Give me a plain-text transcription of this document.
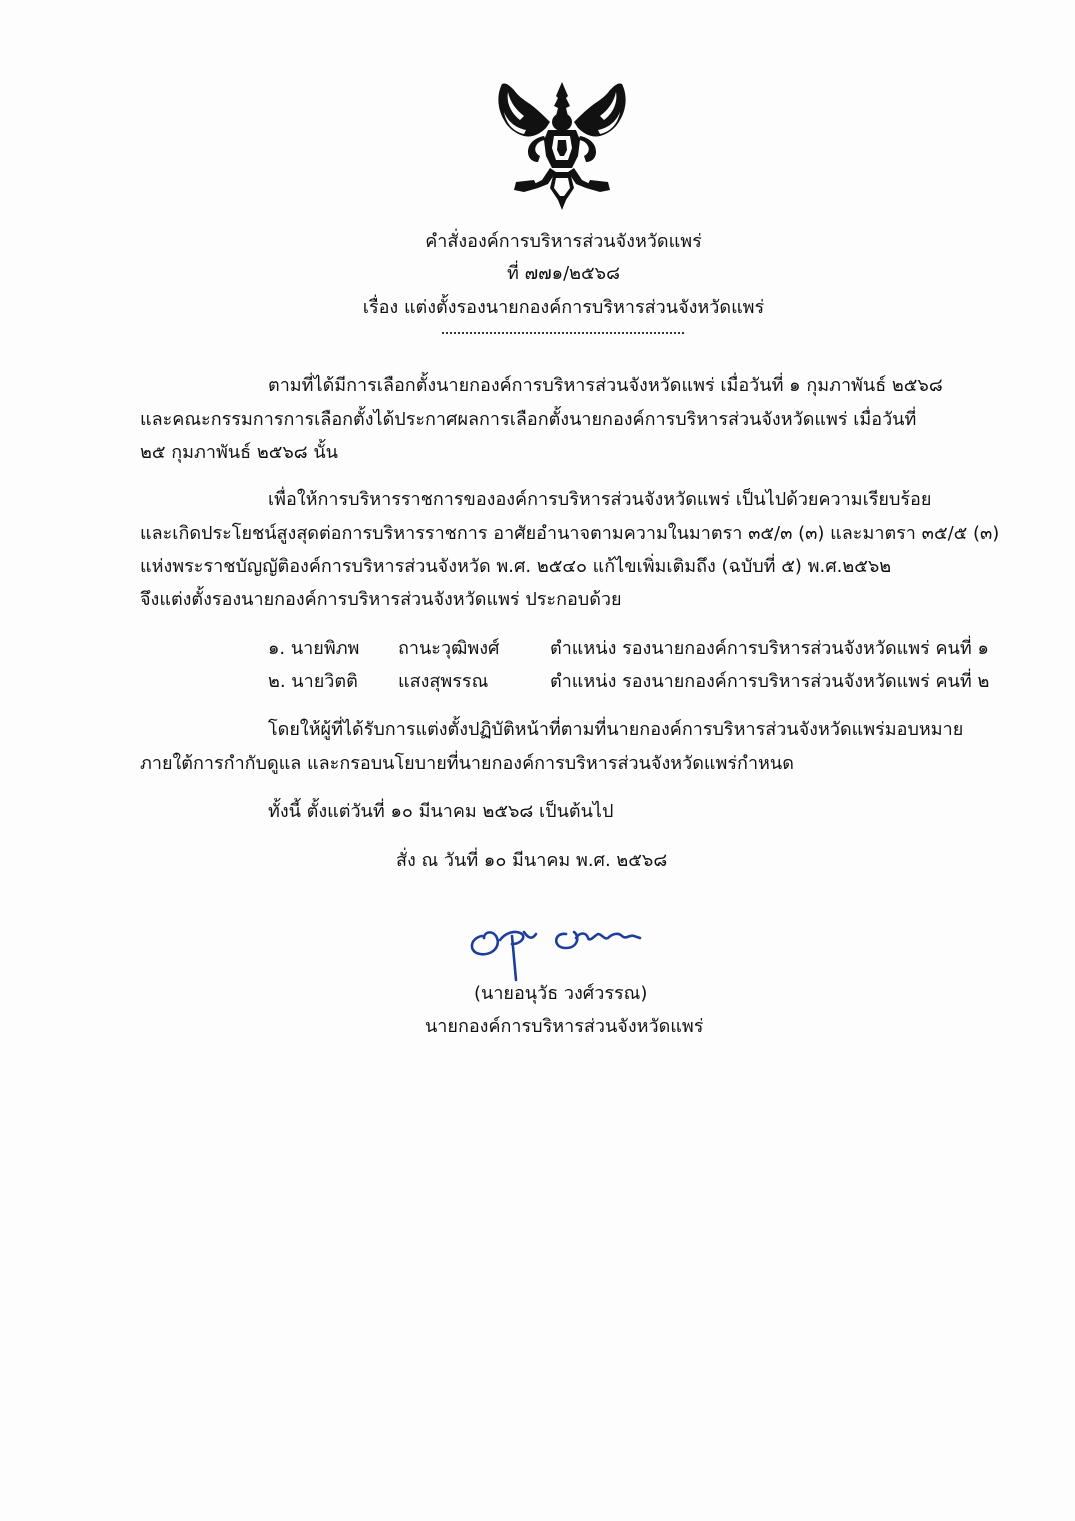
คำสั่งองค์การบริหารส่วนจังหวัดแพร่
ที่ ๗๗๑/๒๕๖๘
เรื่อง แต่งตั้งรองนายกองค์การบริหารส่วนจังหวัดแพร่
ตามที่ได้มีการเลือกตั้งนายกองค์การบริหารส่วนจังหวัดแพร่ เมื่อวันที่ ๑ กุมภาพันธ์ ๒๕๖๘
และคณะกรรมการการเลือกตั้งได้ประกาศผลการเลือกตั้งนายกองค์การบริหารส่วนจังหวัดแพร่ เมื่อวันที่
๒๕ กุมภาพันธ์ ๒๕๖๘ นั้น
เพื่อให้การบริหารราชการขององค์การบริหารส่วนจังหวัดแพร่ เป็นไปด้วยความเรียบร้อย
และเกิดประโยชน์สูงสุดต่อการบริหารราชการ อาศัยอำนาจตามความในมาตรา ๓๕/๓ (๓) และมาตรา ๓๕/๕ (๓)
แห่งพระราชบัญญัติองค์การบริหารส่วนจังหวัด พ.ศ. ๒๕๔๐ แก้ไขเพิ่มเติมถึง (ฉบับที่ ๕) พ.ศ.๒๕๖๒
จึงแต่งตั้งรองนายกองค์การบริหารส่วนจังหวัดแพร่ ประกอบด้วย
๑. นายพิภพ ถานะวุฒิพงศ์	ตำแหน่ง รองนายกองค์การบริหารส่วนจังหวัดแพร่ คนที่ ๑
๒. นายวิตติ แสงสุพรรณ	ตำแหน่ง รองนายกองค์การบริหารส่วนจังหวัดแพร่ คนที่ ๒
โดยให้ผู้ที่ได้รับการแต่งตั้งปฏิบัติหน้าที่ตามที่นายกองค์การบริหารส่วนจังหวัดแพร่มอบหมาย
ภายใต้การกำกับดูแล และกรอบนโยบายที่นายกองค์การบริหารส่วนจังหวัดแพร่กำหนด
ทั้งนี้ ตั้งแต่วันที่ ๑๐ มีนาคม ๒๕๖๘ เป็นต้นไป
สั่ง ณ วันที่ ๑๐ มีนาคม พ.ศ. ๒๕๖๘
(นายอนุวัธ วงศ์วรรณ)
นายกองค์การบริหารส่วนจังหวัดแพร่
